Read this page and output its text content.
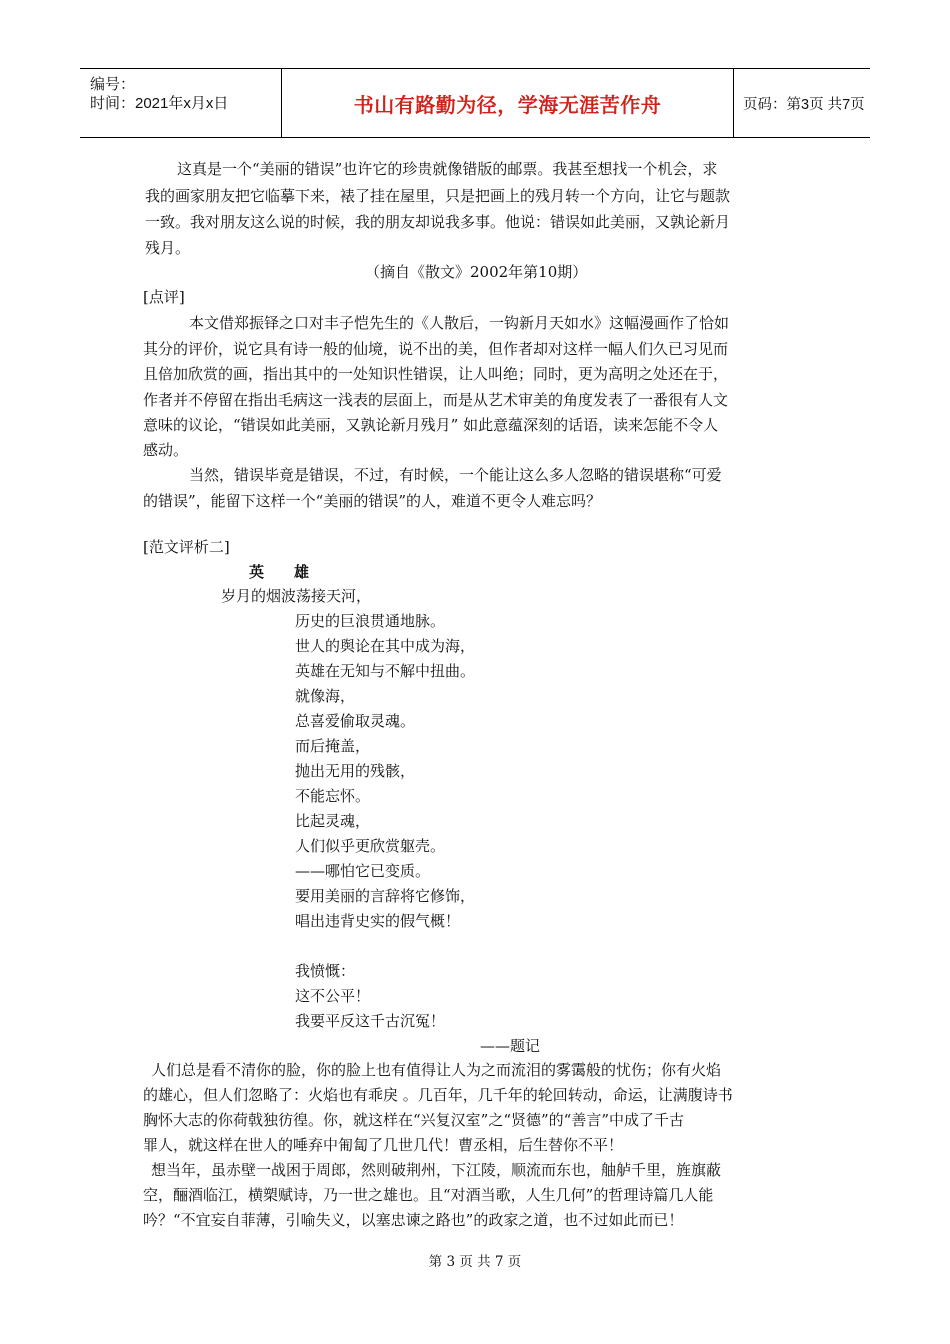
编号：
时间：2021年x月x日	书山有路勤为径，学海无涯苦作舟	页码：第3页 共7页
这真是一个“美丽的错误”也许它的珍贵就像错版的邮票。我甚至想找一个机会，求
我的画家朋友把它临摹下来，裱了挂在屋里，只是把画上的残月转一个方向，让它与题款
一致。我对朋友这么说的时候，我的朋友却说我多事。他说：错误如此美丽，又孰论新月
残月。
（摘自《散文》2002年第10期）
[点评]
本文借郑振铎之口对丰子恺先生的《人散后，一钩新月天如水》这幅漫画作了恰如
其分的评价，说它具有诗一般的仙境，说不出的美，但作者却对这样一幅人们久已习见而
且倍加欣赏的画，指出其中的一处知识性错误，让人叫绝；同时，更为高明之处还在于，
作者并不停留在指出毛病这一浅表的层面上，而是从艺术审美的角度发表了一番很有人文
意味的议论，“错误如此美丽，又孰论新月残月” 如此意蕴深刻的话语，读来怎能不令人
感动。
当然，错误毕竟是错误，不过，有时候，一个能让这么多人忽略的错误堪称“可爱
的错误”，能留下这样一个“美丽的错误”的人，难道不更令人难忘吗？
[范文评析二]
英　　雄
岁月的烟波荡接天河，
历史的巨浪贯通地脉。
世人的舆论在其中成为海，
英雄在无知与不解中扭曲。
就像海，
总喜爱偷取灵魂。
而后掩盖，
抛出无用的残骸，
不能忘怀。
比起灵魂，
人们似乎更欣赏躯壳。
——哪怕它已变质。
要用美丽的言辞将它修饰，
唱出违背史实的假气概！
我愤慨：
这不公平！
我要平反这千古沉冤！
——题记
人们总是看不清你的脸，你的脸上也有值得让人为之而流泪的雾霭般的忧伤；你有火焰
的雄心，但人们忽略了：火焰也有乖戾 。几百年，几千年的轮回转动，命运，让满腹诗书
胸怀大志的你荷戟独彷徨。你，就这样在“兴复汉室”之“贤德”的“善言”中成了千古
罪人，就这样在世人的唾弃中匍匐了几世几代！曹丞相，后生替你不平！
想当年，虽赤壁一战困于周郎，然则破荆州，下江陵，顺流而东也，舳舻千里，旌旗蔽
空，酾酒临江，横槊赋诗，乃一世之雄也。且“对酒当歌，人生几何”的哲理诗篇几人能
吟？“不宜妄自菲薄，引喻失义，以塞忠谏之路也”的政家之道，也不过如此而已！
第 3 页 共 7 页
